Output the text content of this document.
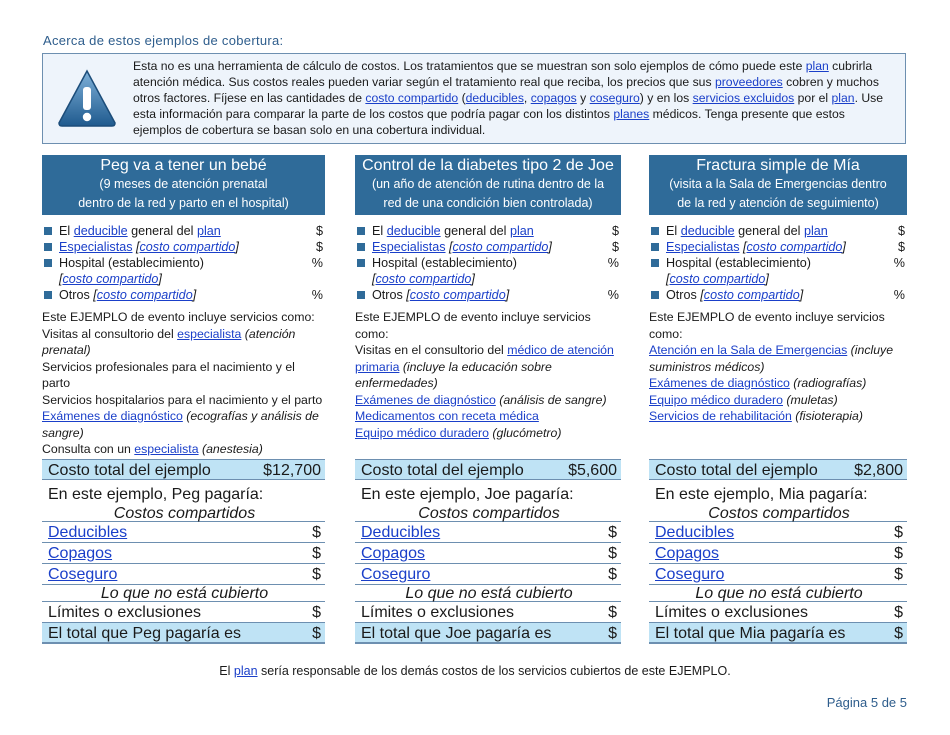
Acerca de estos ejemplos de cobertura:
Esta no es una herramienta de cálculo de costos. Los tratamientos que se muestran son solo ejemplos de cómo puede este plan cubrirla atención médica. Sus costos reales pueden variar según el tratamiento real que reciba, los precios que sus proveedores cobren y muchos otros factores. Fíjese en las cantidades de costo compartido (deducibles, copagos y coseguro) y en los servicios excluidos por el plan. Use esta información para comparar la parte de los costos que podría pagar con los distintos planes médicos. Tenga presente que estos ejemplos de cobertura se basan solo en una cobertura individual.
Peg va a tener un bebé
(9 meses de atención prenatal
dentro de la red y parto en el hospital)
El deducible general del plan	$
Especialistas [costo compartido]	$
Hospital (establecimiento)	%
[costo compartido]
Otros [costo compartido]	%
Este EJEMPLO de evento incluye servicios como:
Visitas al consultorio del especialista (atención prenatal)
Servicios profesionales para el nacimiento y el parto
Servicios hospitalarios para el nacimiento y el parto
Exámenes de diagnóstico (ecografías y análisis de sangre)
Consulta con un especialista (anestesia)
Control de la diabetes tipo 2 de Joe
(un año de atención de rutina dentro de la
red de una condición bien controlada)
El deducible general del plan	$
Especialistas [costo compartido]	$
Hospital (establecimiento)	%
[costo compartido]
Otros [costo compartido]	%
Este EJEMPLO de evento incluye servicios como:
Visitas en el consultorio del médico de atención primaria (incluye la educación sobre enfermedades)
Exámenes de diagnóstico (análisis de sangre)
Medicamentos con receta médica
Equipo médico duradero (glucómetro)
Fractura simple de Mía
(visita a la Sala de Emergencias dentro
de la red y atención de seguimiento)
El deducible general del plan	$
Especialistas [costo compartido]	$
Hospital (establecimiento)	%
[costo compartido]
Otros [costo compartido]	%
Este EJEMPLO de evento incluye servicios como:
Atención en la Sala de Emergencias (incluye suministros médicos)
Exámenes de diagnóstico (radiografías)
Equipo médico duradero (muletas)
Servicios de rehabilitación (fisioterapia)
Costo total del ejemplo	$12,700
En este ejemplo, Peg pagaría:
Costos compartidos
Deducibles	$
Copagos	$
Coseguro	$
Lo que no está cubierto
Límites o exclusiones	$
El total que Peg pagaría es	$
Costo total del ejemplo	$5,600
En este ejemplo, Joe pagaría:
Costos compartidos
Deducibles	$
Copagos	$
Coseguro	$
Lo que no está cubierto
Límites o exclusiones	$
El total que Joe pagaría es	$
Costo total del ejemplo $2,800
En este ejemplo, Mia pagaría:
Costos compartidos
Deducibles	$
Copagos	$
Coseguro	$
Lo que no está cubierto
Límites o exclusiones	$
El total que Mia pagaría es	$
El plan sería responsable de los demás costos de los servicios cubiertos de este EJEMPLO.
Página 5 de 5
